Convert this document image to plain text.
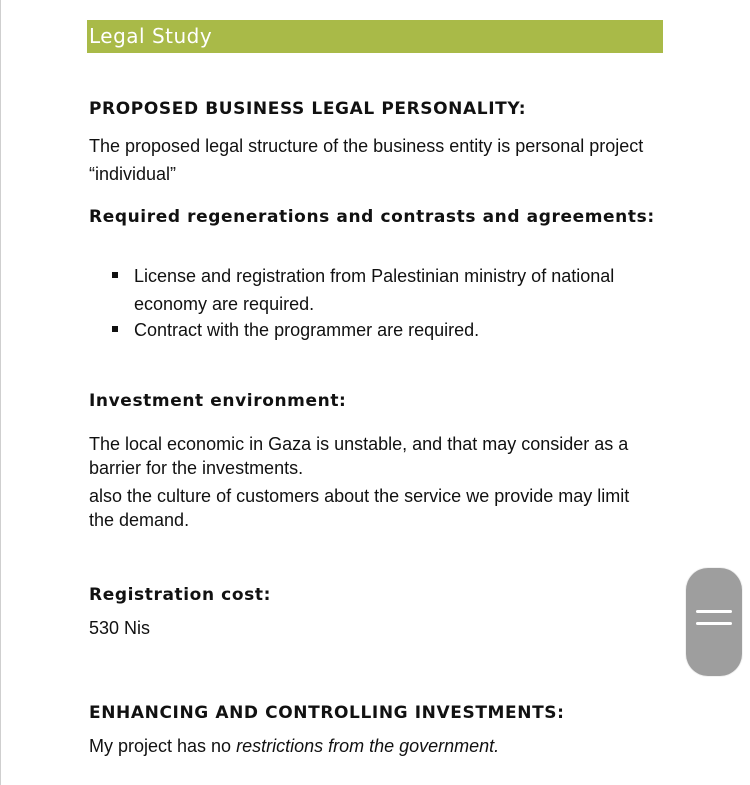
Legal Study
PROPOSED BUSINESS LEGAL PERSONALITY:
The proposed legal structure of the business entity is personal project
“individual”
Required regenerations and contrasts and agreements:
License and registration from Palestinian ministry of national
economy are required.
Contract with the programmer are required.
Investment environment:
The local economic in Gaza is unstable, and that may consider as a
barrier for the investments.
also the culture of customers about the service we provide may limit
the demand.
Registration cost:
530 Nis
ENHANCING AND CONTROLLING INVESTMENTS:
My project has no restrictions from the government.
